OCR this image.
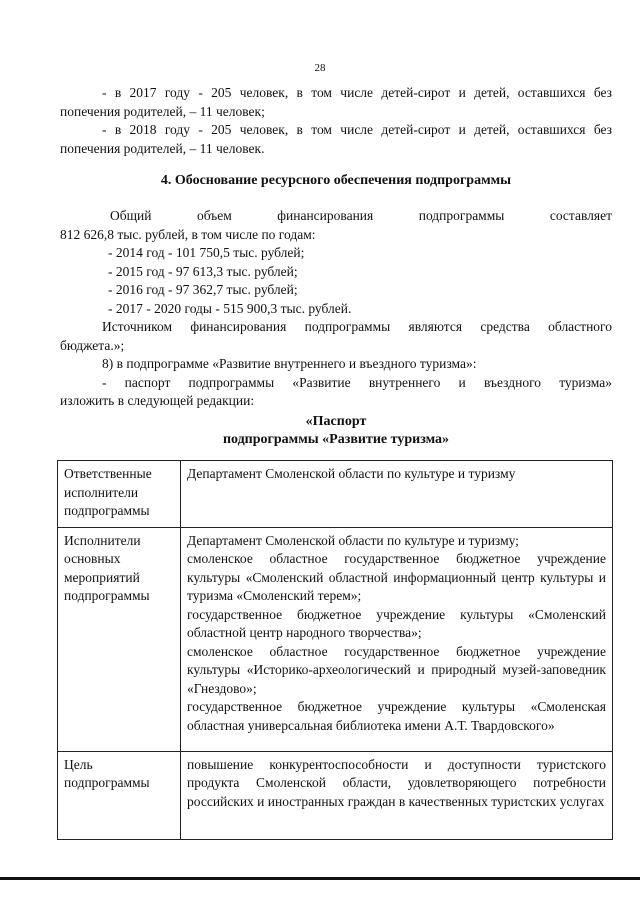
28

- в 2017 году - 205 человек, в том числе детей-сирот и детей, оставшихся без

попечения родителей, – 11 человек;

- в 2018 году - 205 человек, в том числе детей-сирот и детей, оставшихся без

попечения родителей, – 11 человек.

4. Обоснование ресурсного обеспечения подпрограммы

Общий объем финансирования подпрограммы составляет

812 626,8 тыс. рублей, в том числе по годам:

- 2014 год - 101 750,5 тыс. рублей;

- 2015 год - 97 613,3 тыс. рублей;

- 2016 год - 97 362,7 тыс. рублей;

- 2017 - 2020 годы - 515 900,3 тыс. рублей.

Источником финансирования подпрограммы являются средства областного

бюджета.»;

8) в подпрограмме «Развитие внутреннего и въездного туризма»:

- паспорт подпрограммы «Развитие внутреннего и въездного туризма»

изложить в следующей редакции:

«Паспорт
подпрограммы «Развитие туризма»
Ответственные исполнители подпрограммы	Департамент Смоленской области по культуре и туризму

Исполнители основных мероприятий подпрограммы	Департамент Смоленской области по культуре и туризму;
смоленское областное государственное бюджетное учреждение культуры «Смоленский областной информационный центр культуры и туризма «Смоленский терем»;
государственное бюджетное учреждение культуры «Смоленский областной центр народного творчества»;
смоленское областное государственное бюджетное учреждение культуры «Историко-археологический и природный музей-заповедник «Гнездово»;
государственное бюджетное учреждение культуры «Смоленская областная универсальная библиотека имени А.Т. Твардовского»

Цель подпрограммы	повышение конкурентоспособности и доступности туристского продукта Смоленской области, удовлетворяющего потребности российских и иностранных граждан в качественных туристских услугах
